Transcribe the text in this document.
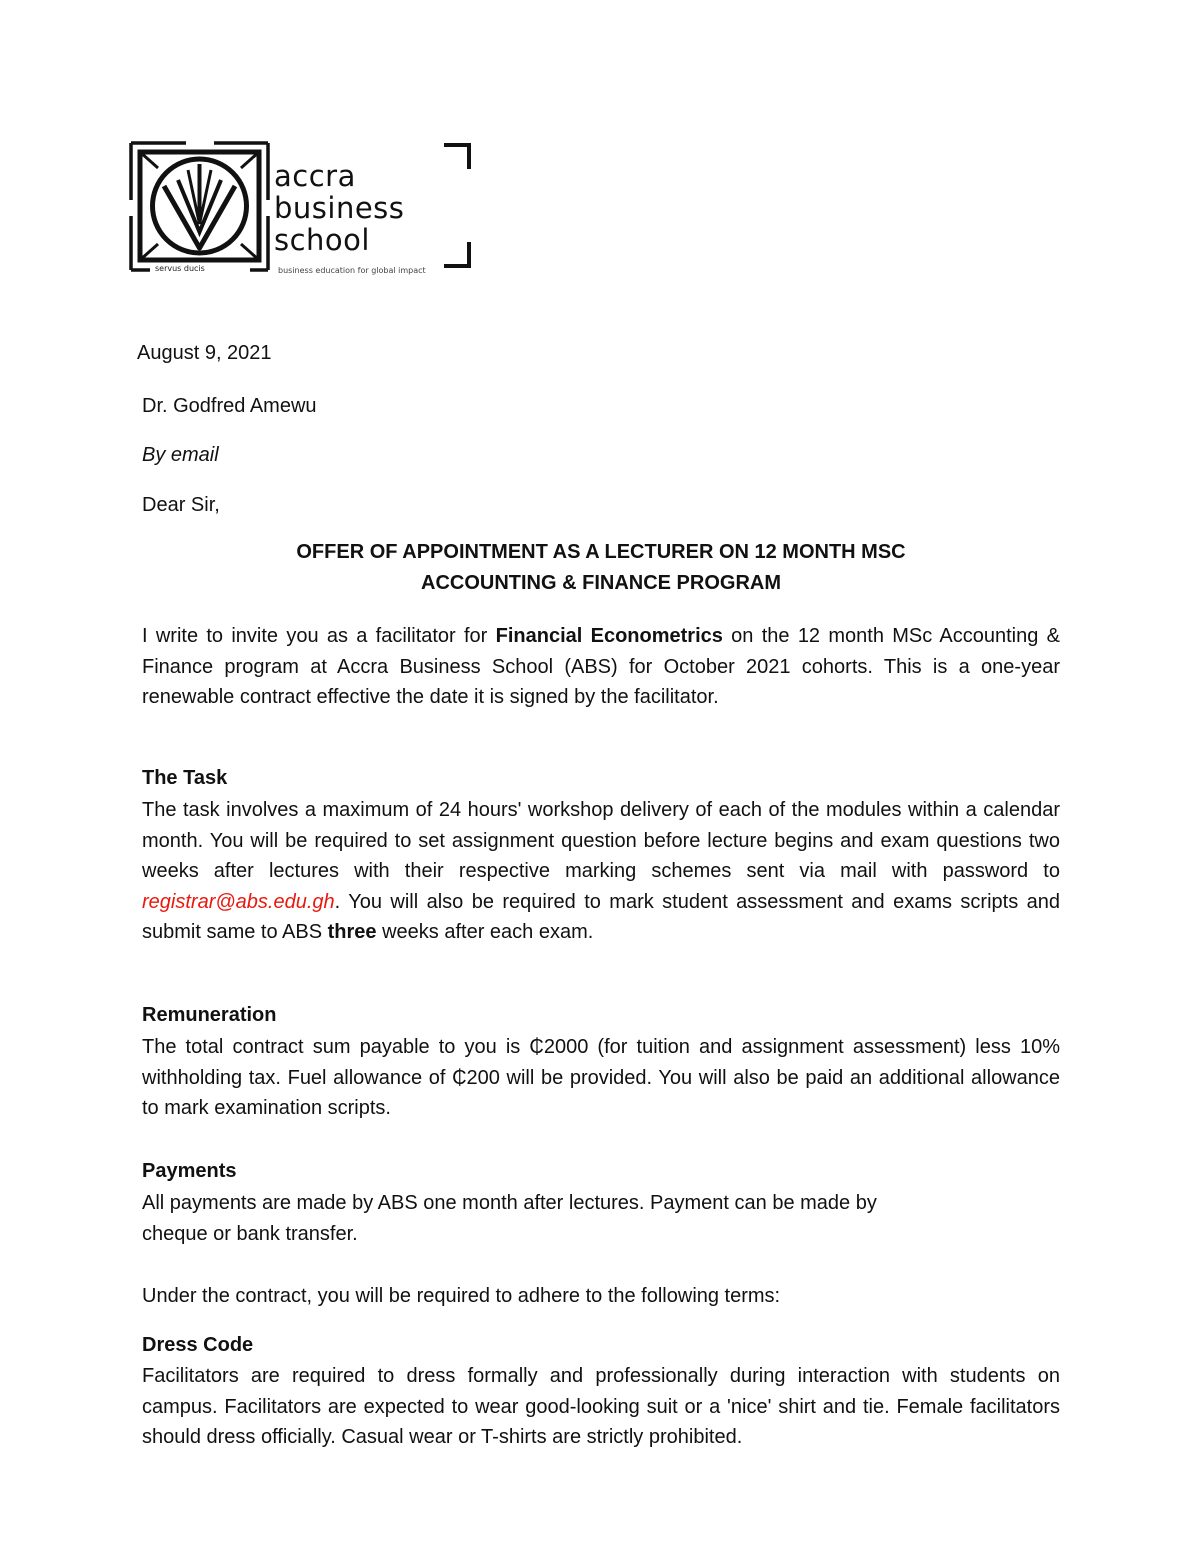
accra
business
school
servus ducis	business education for global impact
August 9, 2021
Dr. Godfred Amewu
By email
Dear Sir,
OFFER OF APPOINTMENT AS A LECTURER ON 12 MONTH MSC
ACCOUNTING & FINANCE PROGRAM
I write to invite you as a facilitator for Financial Econometrics on the 12 month MSc Accounting & Finance program at Accra Business School (ABS) for October 2021 cohorts. This is a one-year renewable contract effective the date it is signed by the facilitator.
The Task
The task involves a maximum of 24 hours' workshop delivery of each of the modules within a calendar month. You will be required to set assignment question before lecture begins and exam questions two weeks after lectures with their respective marking schemes sent via mail with password to registrar@abs.edu.gh. You will also be required to mark student assessment and exams scripts and submit same to ABS three weeks after each exam.
Remuneration
The total contract sum payable to you is ₵2000 (for tuition and assignment assessment) less 10% withholding tax. Fuel allowance of ₵200 will be provided. You will also be paid an additional allowance to mark examination scripts.
Payments
All payments are made by ABS one month after lectures. Payment can be made by
cheque or bank transfer.
Under the contract, you will be required to adhere to the following terms:
Dress Code
Facilitators are required to dress formally and professionally during interaction with students on campus. Facilitators are expected to wear good-looking suit or a 'nice' shirt and tie. Female facilitators should dress officially. Casual wear or T-shirts are strictly prohibited.
